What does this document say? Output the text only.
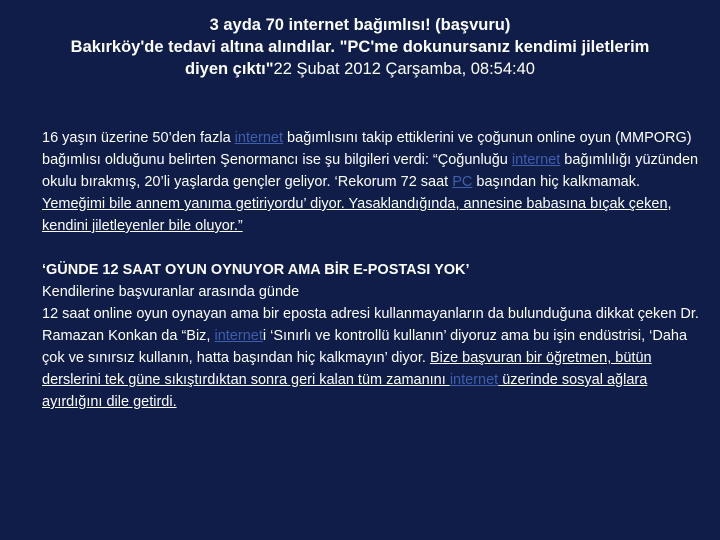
3 ayda 70 internet bağımlısı! (başvuru)
Bakırköy'de tedavi altına alındılar. "PC'me dokunursanız kendimi jiletlerim
diyen çıktı"22 Şubat 2012 Çarşamba, 08:54:40

16 yaşın üzerine 50’den fazla internet bağımlısını takip ettiklerini ve çoğunun online oyun (MMPORG) bağımlısı olduğunu belirten Şenormancı ise şu bilgileri verdi: “Çoğunluğu internet bağımlılığı yüzünden okulu bırakmış, 20’li yaşlarda gençler geliyor. ‘Rekorum 72 saat PC başından hiç kalkmamak. Yemeğimi bile annem yanıma getiriyordu’ diyor. Yasaklandığında, annesine babasına bıçak çeken, kendini jiletleyenler bile oluyor.”

‘GÜNDE 12 SAAT OYUN OYNUYOR AMA BİR E-POSTASI YOK’

Kendilerine başvuranlar arasında günde

12 saat online oyun oynayan ama bir eposta adresi kullanmayanların da bulunduğuna dikkat çeken Dr. Ramazan Konkan da “Biz, interneti ‘Sınırlı ve kontrollü kullanın’ diyoruz ama bu işin endüstrisi, ‘Daha çok ve sınırsız kullanın, hatta başından hiç kalkmayın’ diyor. Bize başvuran bir öğretmen, bütün derslerini tek güne sıkıştırdıktan sonra geri kalan tüm zamanını internet üzerinde sosyal ağlara ayırdığını dile getirdi.
